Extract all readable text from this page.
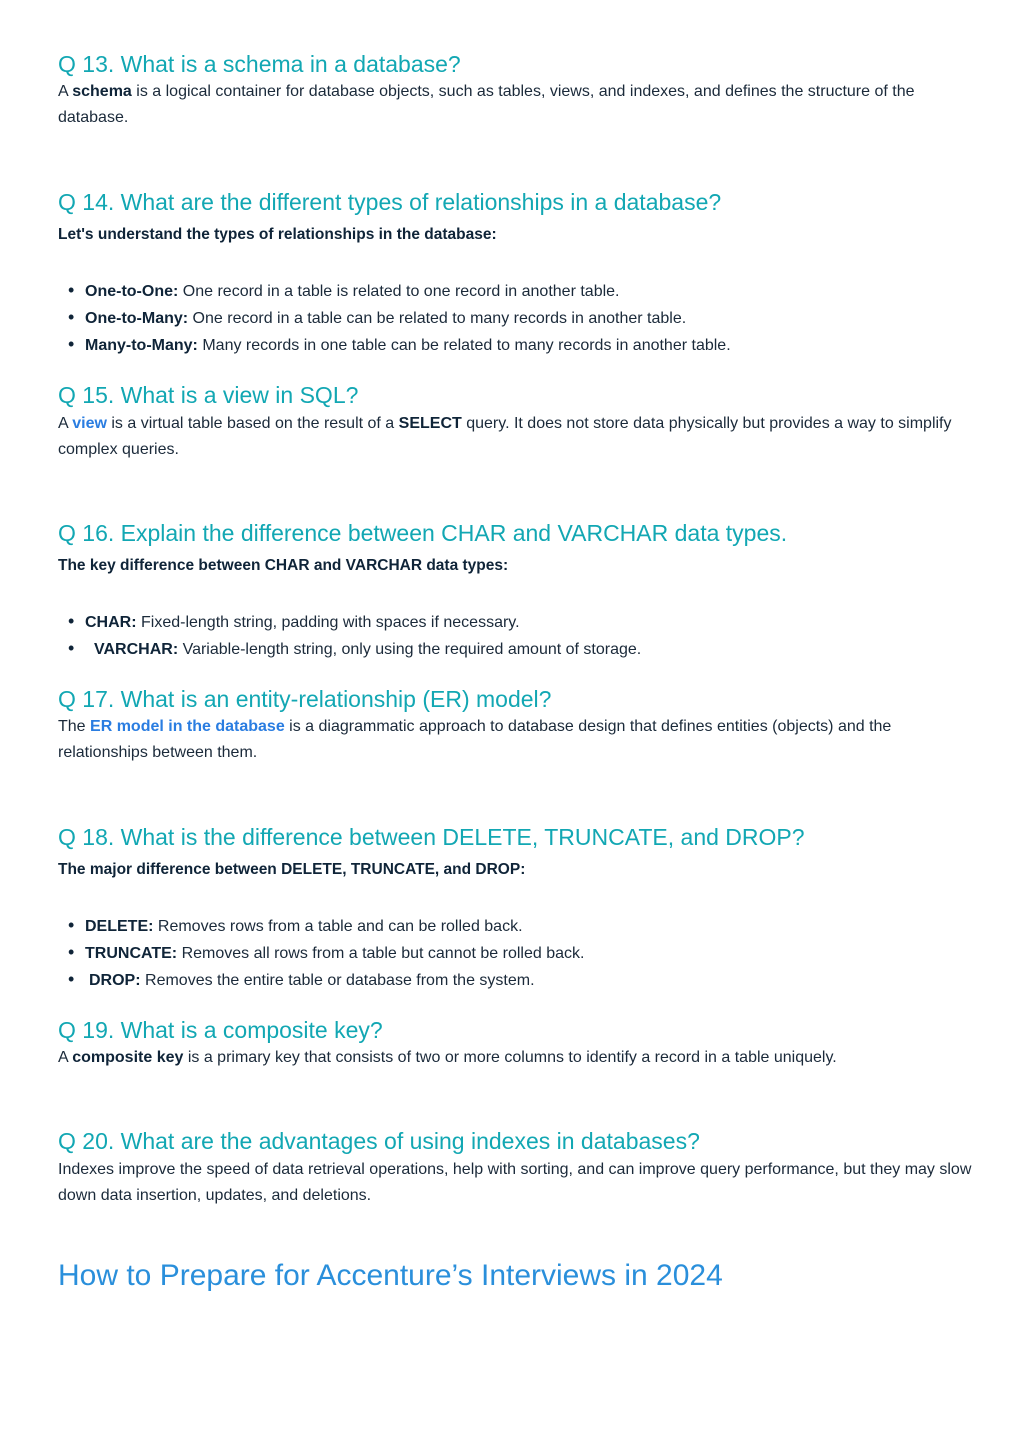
Q 13. What is a schema in a database?
A schema is a logical container for database objects, such as tables, views, and indexes, and defines the structure of the database.
Q 14. What are the different types of relationships in a database?
Let's understand the types of relationships in the database:
• One-to-One: One record in a table is related to one record in another table.
• One-to-Many: One record in a table can be related to many records in another table.
• Many-to-Many: Many records in one table can be related to many records in another table.
Q 15. What is a view in SQL?
A view is a virtual table based on the result of a SELECT query. It does not store data physically but provides a way to simplify complex queries.
Q 16. Explain the difference between CHAR and VARCHAR data types.
The key difference between CHAR and VARCHAR data types:
• CHAR: Fixed-length string, padding with spaces if necessary.
• VARCHAR: Variable-length string, only using the required amount of storage.
Q 17. What is an entity-relationship (ER) model?
The ER model in the database is a diagrammatic approach to database design that defines entities (objects) and the relationships between them.
Q 18. What is the difference between DELETE, TRUNCATE, and DROP?
The major difference between DELETE, TRUNCATE, and DROP:
• DELETE: Removes rows from a table and can be rolled back.
• TRUNCATE: Removes all rows from a table but cannot be rolled back.
• DROP: Removes the entire table or database from the system.
Q 19. What is a composite key?
A composite key is a primary key that consists of two or more columns to identify a record in a table uniquely.
Q 20. What are the advantages of using indexes in databases?
Indexes improve the speed of data retrieval operations, help with sorting, and can improve query performance, but they may slow down data insertion, updates, and deletions.
How to Prepare for Accenture’s Interviews in 2024
